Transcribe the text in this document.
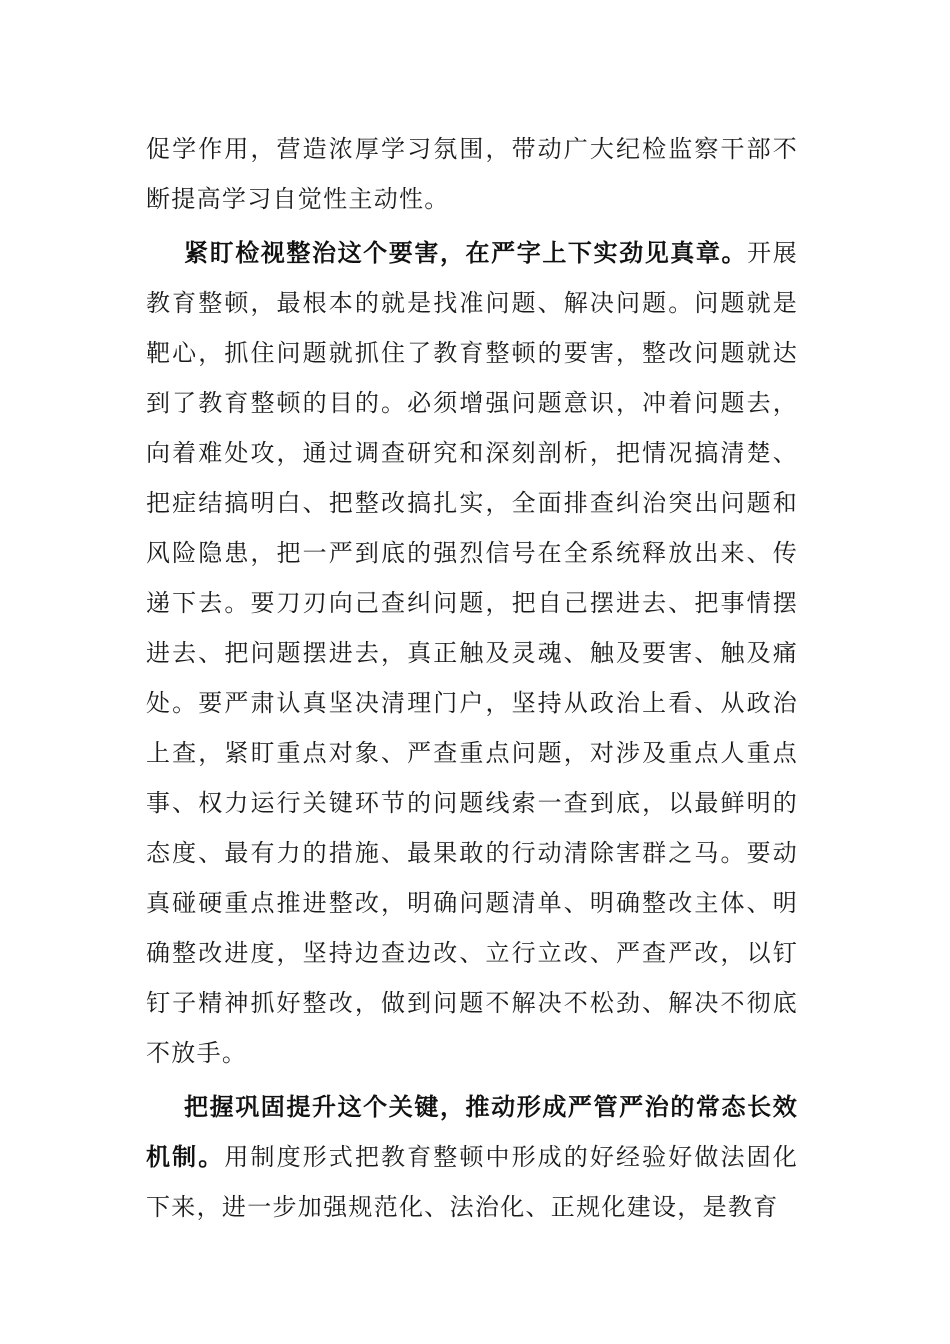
促学作用，营造浓厚学习氛围，带动广大纪检监察干部不断提高学习自觉性主动性。

紧盯检视整治这个要害，在严字上下实劲见真章。开展教育整顿，最根本的就是找准问题、解决问题。问题就是靶心，抓住问题就抓住了教育整顿的要害，整改问题就达到了教育整顿的目的。必须增强问题意识，冲着问题去，向着难处攻，通过调查研究和深刻剖析，把情况搞清楚、把症结搞明白、把整改搞扎实，全面排查纠治突出问题和风险隐患，把一严到底的强烈信号在全系统释放出来、传递下去。要刀刃向己查纠问题，把自己摆进去、把事情摆进去、把问题摆进去，真正触及灵魂、触及要害、触及痛处。要严肃认真坚决清理门户，坚持从政治上看、从政治上查，紧盯重点对象、严查重点问题，对涉及重点人重点事、权力运行关键环节的问题线索一查到底，以最鲜明的态度、最有力的措施、最果敢的行动清除害群之马。要动真碰硬重点推进整改，明确问题清单、明确整改主体、明确整改进度，坚持边查边改、立行立改、严查严改，以钉钉子精神抓好整改，做到问题不解决不松劲、解决不彻底不放手。

把握巩固提升这个关键，推动形成严管严治的常态长效机制。用制度形式把教育整顿中形成的好经验好做法固化下来，进一步加强规范化、法治化、正规化建设，是教育
